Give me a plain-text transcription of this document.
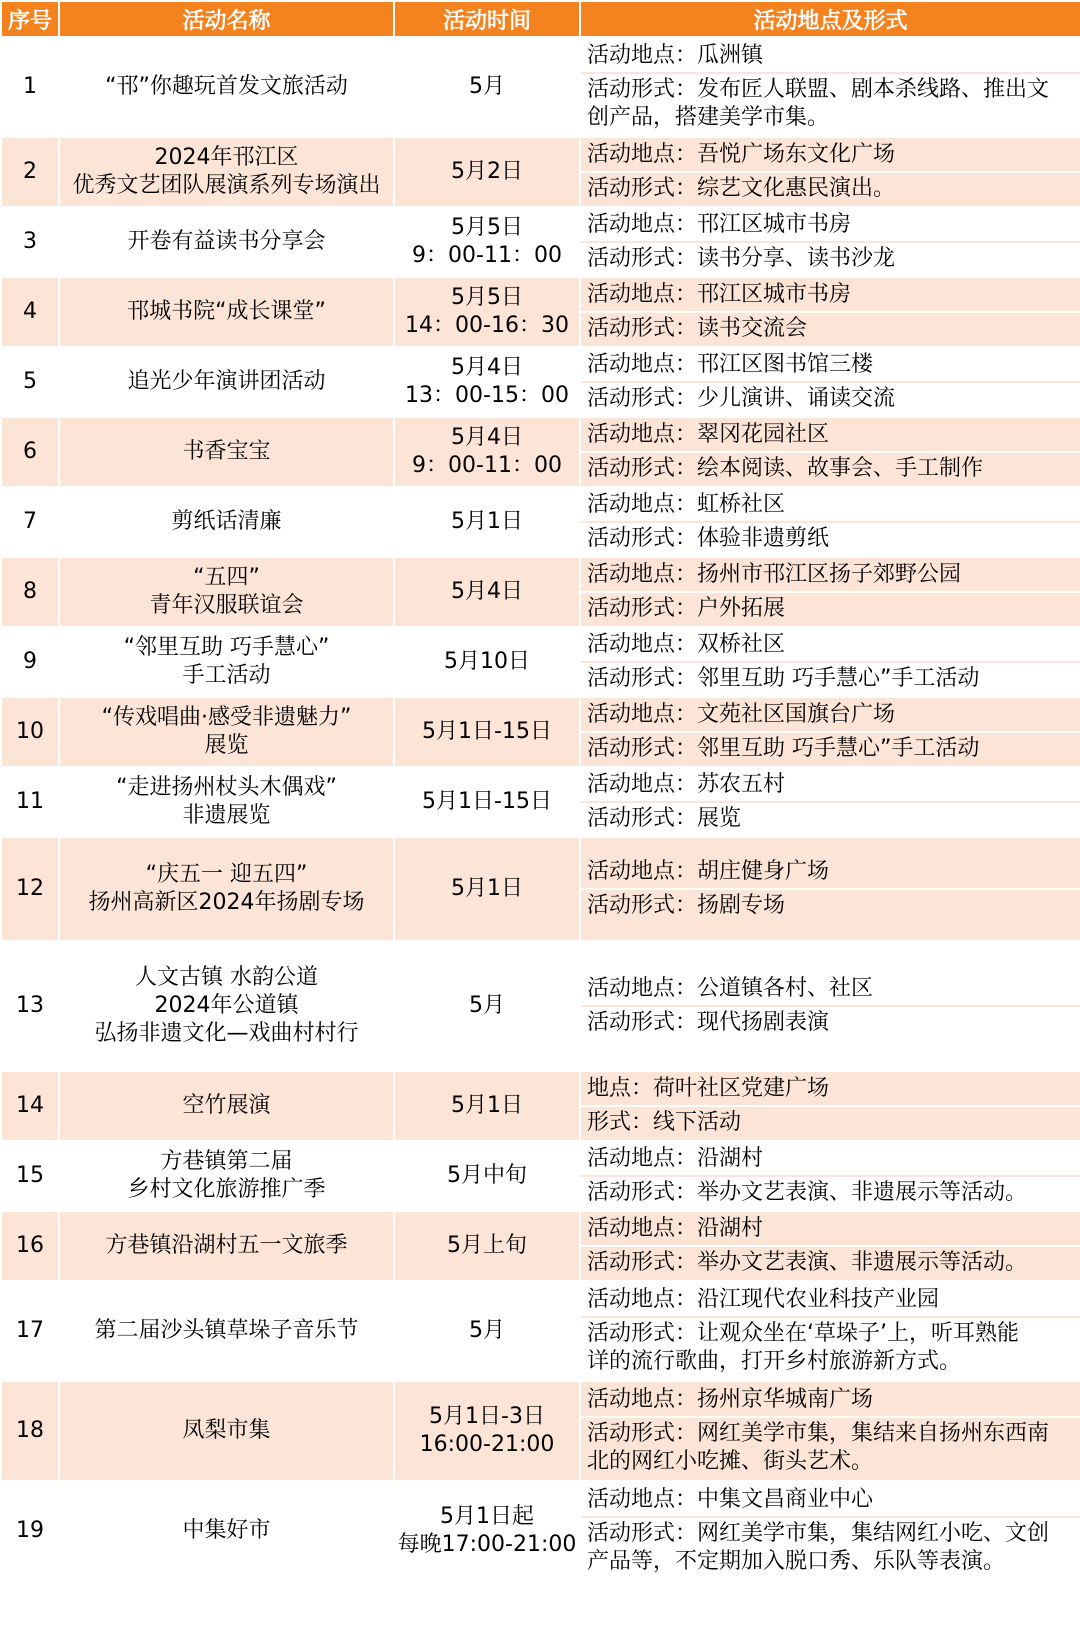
序号	活动名称	活动时间	活动地点及形式
1	“邗”你趣玩首发文旅活动	5月	活动地点：瓜洲镇
活动形式：发布匠人联盟、剧本杀线路、推出文
创产品，搭建美学市集。

2	2024年邗江区
优秀文艺团队展演系列专场演出	5月2日	活动地点：吾悦广场东文化广场
活动形式：综艺文化惠民演出。

3	开卷有益读书分享会	5月5日
9：00-11：00	活动地点：邗江区城市书房
活动形式：读书分享、读书沙龙

4	邗城书院“成长课堂”	5月5日
14：00-16：30	活动地点：邗江区城市书房
活动形式：读书交流会

5	追光少年演讲团活动	5月4日
13：00-15：00	活动地点：邗江区图书馆三楼
活动形式：少儿演讲、诵读交流

6	书香宝宝	5月4日
9：00-11：00	活动地点：翠冈花园社区
活动形式：绘本阅读、故事会、手工制作

7	剪纸话清廉	5月1日	活动地点：虹桥社区
活动形式：体验非遗剪纸

8	“五四”
青年汉服联谊会	5月4日	活动地点：扬州市邗江区扬子郊野公园
活动形式：户外拓展

9	“邻里互助 巧手慧心”
手工活动	5月10日	活动地点：双桥社区
活动形式：邻里互助 巧手慧心”手工活动

10	“传戏唱曲·感受非遗魅力”
展览	5月1日-15日	活动地点：文苑社区国旗台广场
活动形式：邻里互助 巧手慧心”手工活动

11	“走进扬州杖头木偶戏”
非遗展览	5月1日-15日	活动地点：苏农五村
活动形式：展览

12	“庆五一 迎五四”
扬州高新区2024年扬剧专场	5月1日	活动地点：胡庄健身广场
活动形式：扬剧专场

13	人文古镇 水韵公道
2024年公道镇
弘扬非遗文化—戏曲村村行	5月	活动地点：公道镇各村、社区
活动形式：现代扬剧表演

14	空竹展演	5月1日	地点：荷叶社区党建广场
形式：线下活动

15	方巷镇第二届
乡村文化旅游推广季	5月中旬	活动地点：沿湖村
活动形式：举办文艺表演、非遗展示等活动。

16	方巷镇沿湖村五一文旅季	5月上旬	活动地点：沿湖村
活动形式：举办文艺表演、非遗展示等活动。

17	第二届沙头镇草垛子音乐节	5月	活动地点：沿江现代农业科技产业园
活动形式：让观众坐在‘草垛子’上，听耳熟能
详的流行歌曲，打开乡村旅游新方式。

18	凤梨市集	5月1日-3日
16:00-21:00	活动地点：扬州京华城南广场
活动形式：网红美学市集，集结来自扬州东西南
北的网红小吃摊、街头艺术。

19	中集好市	5月1日起
每晚17:00-21:00	活动地点：中集文昌商业中心
活动形式：网红美学市集，集结网红小吃、文创
产品等，不定期加入脱口秀、乐队等表演。
